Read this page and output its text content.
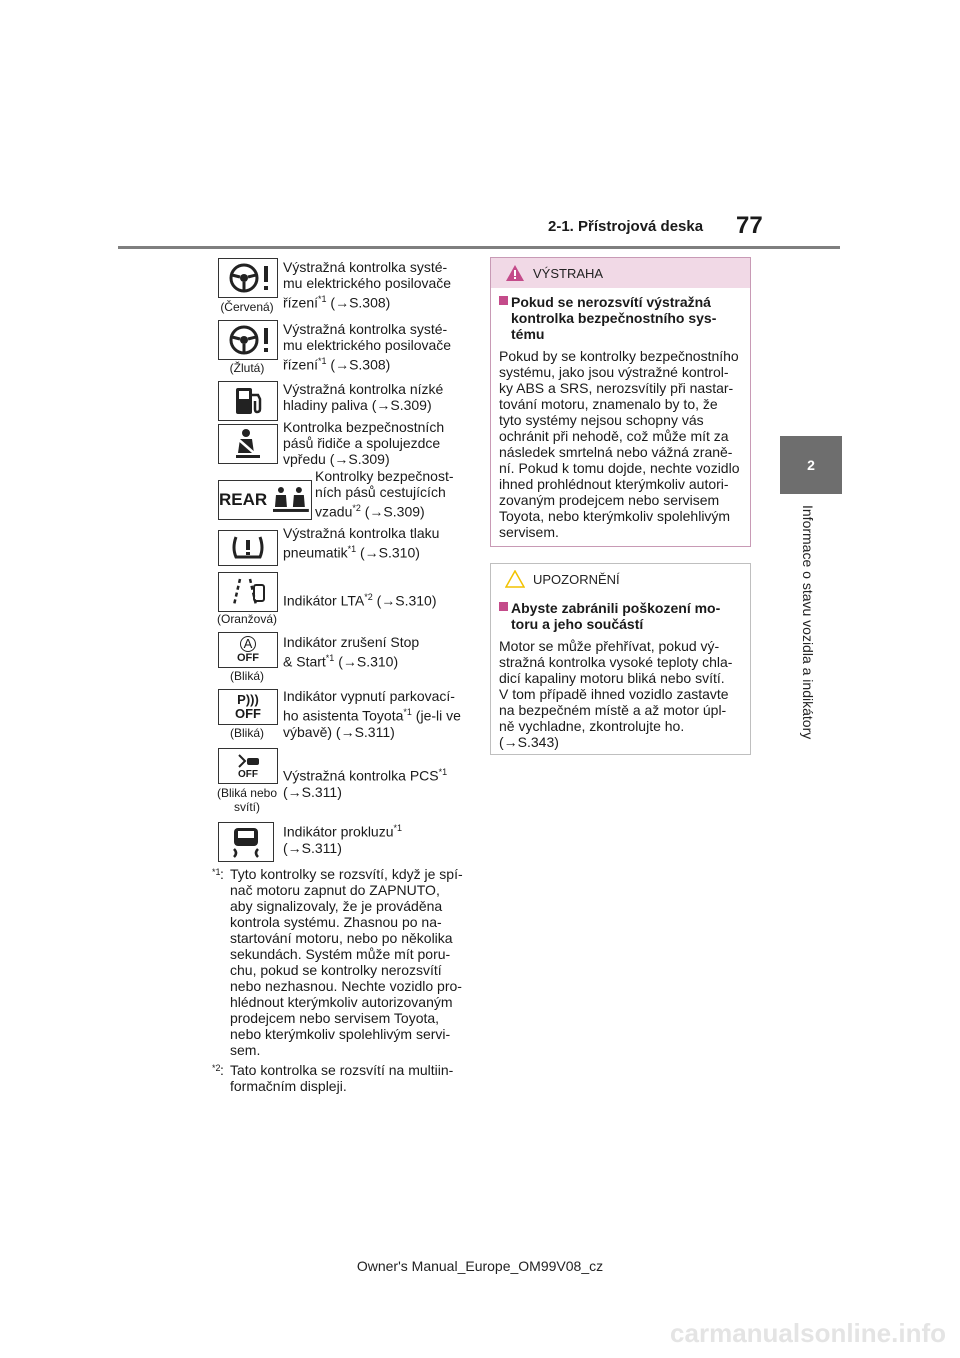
2-1. Přístrojová deska 77
2
Informace o stavu vozidla a indikátory
(Červená)
Výstražná kontrolka systé-
mu elektrického posilovače
řízení$^{*1}$ (→S.308)
(Žlutá)
Výstražná kontrolka systé-
mu elektrického posilovače
řízení$^{*1}$ (→S.308)
Výstražná kontrolka nízké
hladiny paliva (→S.309)
Kontrolka bezpečnostních
pásů řidiče a spolujezdce
vpředu (→S.309)
REAR
Kontrolky bezpečnost-
ních pásů cestujících
vzadu$^{*2}$ (→S.309)
Výstražná kontrolka tlaku
pneumatik$^{*1}$ (→S.310)
(Oranžová)
Indikátor LTA$^{*2}$ (→S.310)
A
OFF
(Bliká)
Indikátor zrušení Stop
& Start$^{*1}$ (→S.310)
P)))
OFF
(Bliká)
Indikátor vypnutí parkovací-
ho asistenta Toyota$^{*1}$ (je-li ve
výbavě) (→S.311)
OFF
(Bliká nebo
svítí)
Výstražná kontrolka PCS$^{*1}$
(→S.311)
Indikátor prokluzu$^{*1}$
(→S.311)
*1 : Tyto kontrolky se rozsvítí, když je spí-
nač motoru zapnut do ZAPNUTO,
aby signalizovaly, že je prováděna
kontrola systému. Zhasnou po na-
startování motoru, nebo po několika
sekundách. Systém může mít poru-
chu, pokud se kontrolky nerozsvítí
nebo nezhasnou. Nechte vozidlo pro-
hlédnout kterýmkoliv autorizovaným
prodejcem nebo servisem Toyota,
nebo kterýmkoliv spolehlivým servi-
sem.
*2 : Tato kontrolka se rozsvítí na multiin-
formačním displeji.
VÝSTRAHA
Pokud se nerozsvítí výstražná
kontrolka bezpečnostního sys-
tému
Pokud by se kontrolky bezpečnostního
systému, jako jsou výstražné kontrol-
ky ABS a SRS, nerozsvítily při nastar-
tování motoru, znamenalo by to, že
tyto systémy nejsou schopny vás
ochránit při nehodě, což může mít za
následek smrtelná nebo vážná zraně-
ní. Pokud k tomu dojde, nechte vozidlo
ihned prohlédnout kterýmkoliv autori-
zovaným prodejcem nebo servisem
Toyota, nebo kterýmkoliv spolehlivým
servisem.
UPOZORNĚNÍ
Abyste zabránili poškození mo-
toru a jeho součástí
Motor se může přehřívat, pokud vý-
stražná kontrolka vysoké teploty chla-
dicí kapaliny motoru bliká nebo svítí.
V tom případě ihned vozidlo zastavte
na bezpečném místě a až motor úpl-
ně vychladne, zkontrolujte ho.
(→S.343)
Owner's Manual_Europe_OM99V08_cz
carmanualsonline.info
